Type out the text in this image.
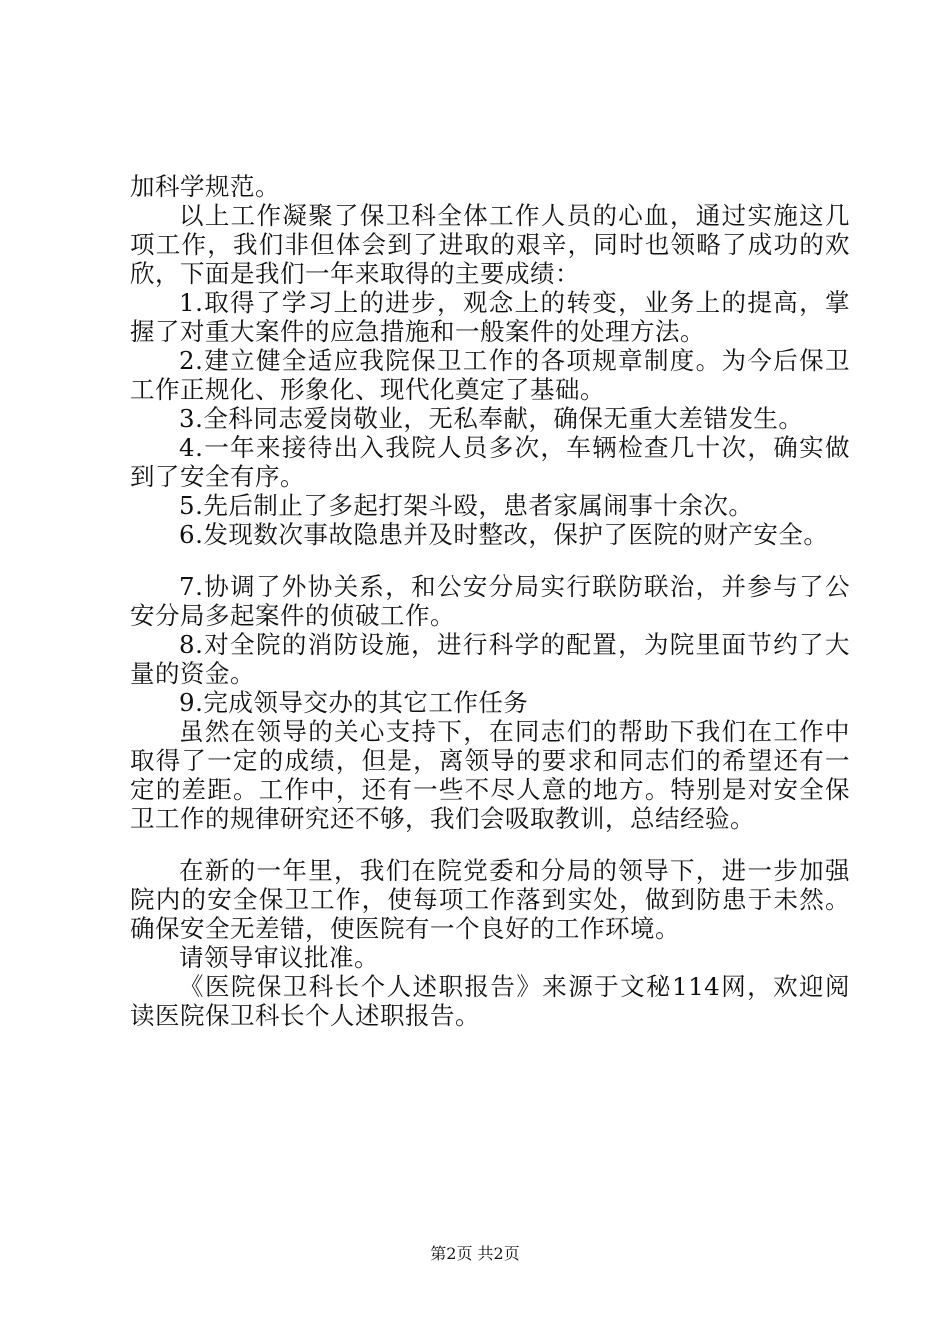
加科学规范。

以上工作凝聚了保卫科全体工作人员的心血，通过实施这几项工作，我们非但体会到了进取的艰辛，同时也领略了成功的欢欣，下面是我们一年来取得的主要成绩：

1.取得了学习上的进步，观念上的转变，业务上的提高，掌握了对重大案件的应急措施和一般案件的处理方法。

2.建立健全适应我院保卫工作的各项规章制度。为今后保卫工作正规化、形象化、现代化奠定了基础。

3.全科同志爱岗敬业，无私奉献，确保无重大差错发生。

4.一年来接待出入我院人员多次，车辆检查几十次，确实做到了安全有序。

5.先后制止了多起打架斗殴，患者家属闹事十余次。

6.发现数次事故隐患并及时整改，保护了医院的财产安全。

7.协调了外协关系，和公安分局实行联防联治，并参与了公安分局多起案件的侦破工作。

8.对全院的消防设施，进行科学的配置，为院里面节约了大量的资金。

9.完成领导交办的其它工作任务

虽然在领导的关心支持下，在同志们的帮助下我们在工作中取得了一定的成绩，但是，离领导的要求和同志们的希望还有一定的差距。工作中，还有一些不尽人意的地方。特别是对安全保卫工作的规律研究还不够，我们会吸取教训，总结经验。

在新的一年里，我们在院党委和分局的领导下，进一步加强院内的安全保卫工作，使每项工作落到实处，做到防患于未然。确保安全无差错，使医院有一个良好的工作环境。

请领导审议批准。

《医院保卫科长个人述职报告》来源于文秘114网，欢迎阅读医院保卫科长个人述职报告。

第2页 共2页
